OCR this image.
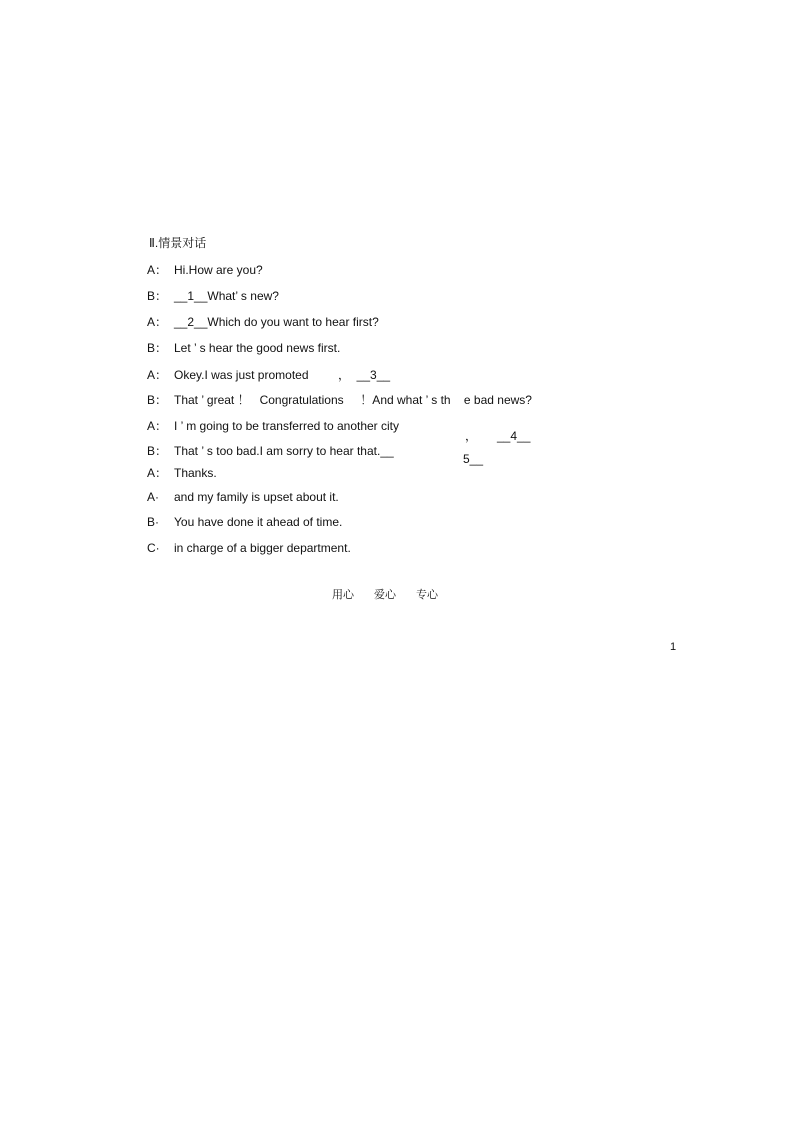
Ⅱ.情景对话
A： Hi.How are you?
B： __1__What’ s new?
A： __2__Which do you want to hear first?
B： Let ’ s hear the good news first.
A： Okey.I was just promoted ，  __3__
B： That ’ great ！   Congratulations     ！And what ’ s th    e bad news?
A： I ’ m going to be transferred to another city
，      __4__
B： That ’ s too bad.I am sorry to hear that.__
5__
A： Thanks.
A· and my family is upset about it.
B· You have done it ahead of time.
C· in charge of a bigger department.
用心 爱心 专心
1
